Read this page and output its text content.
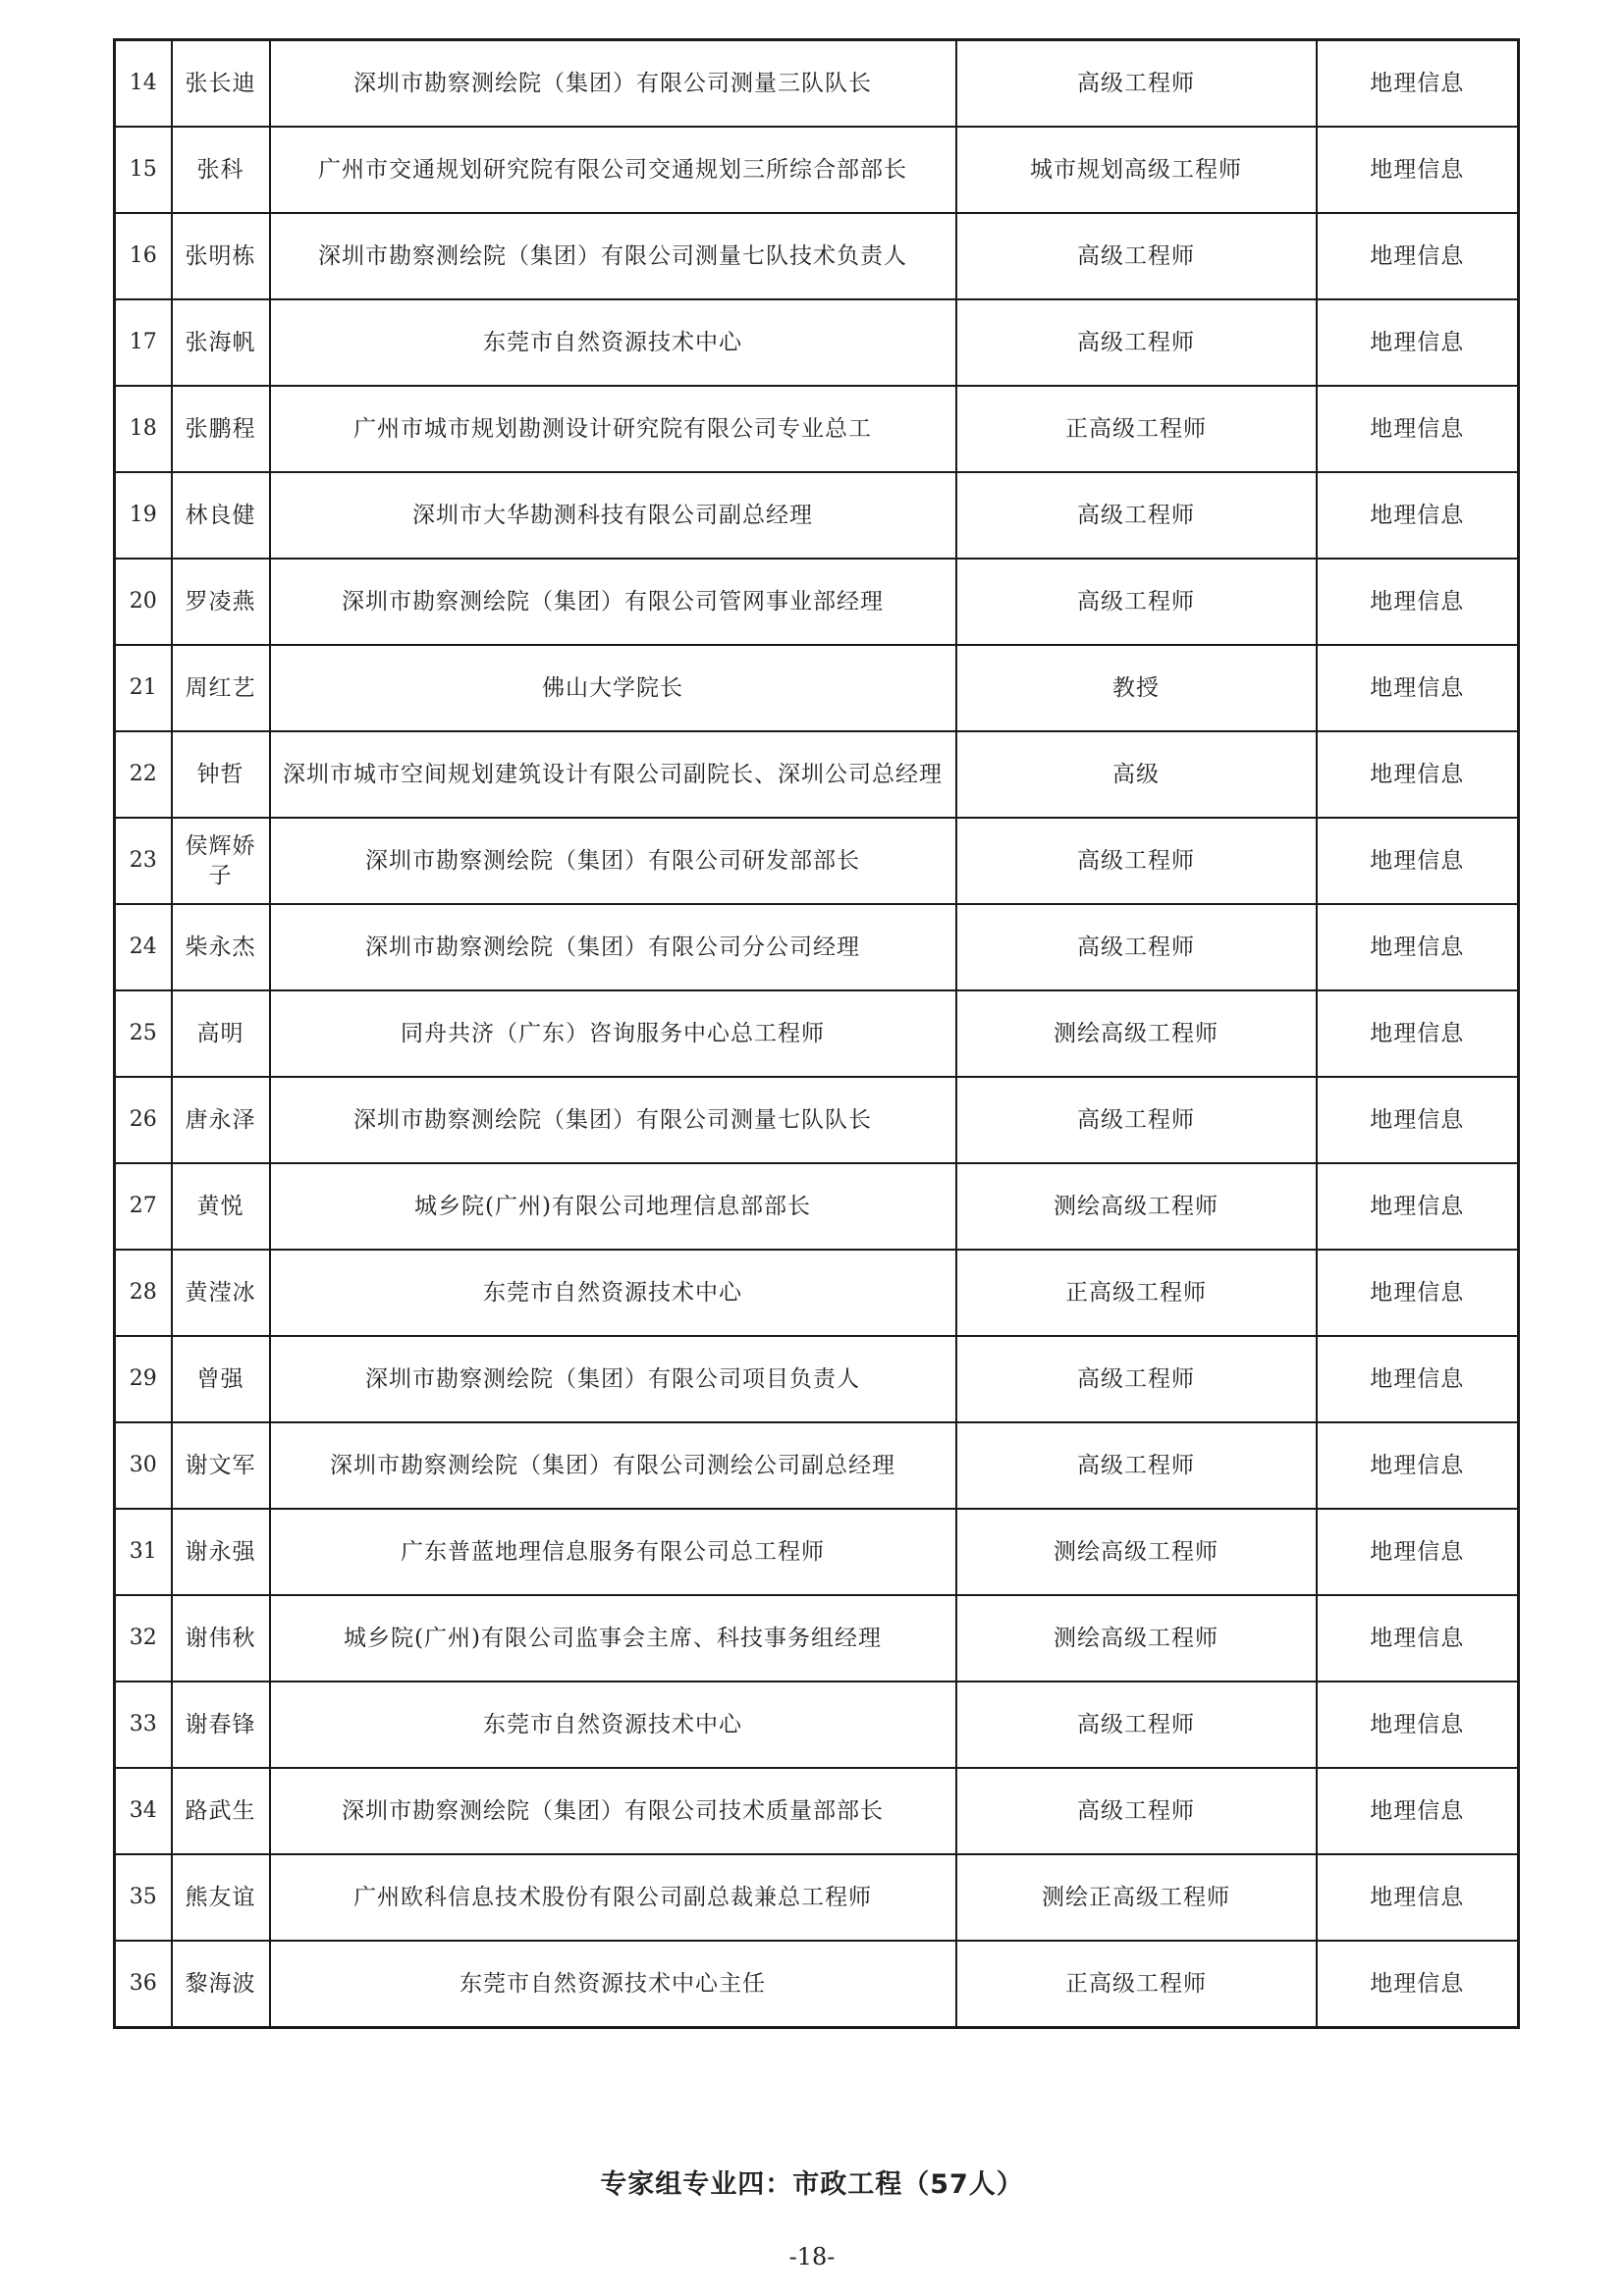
14	张长迪	深圳市勘察测绘院（集团）有限公司测量三队队长	高级工程师	地理信息
15	张科	广州市交通规划研究院有限公司交通规划三所综合部部长	城市规划高级工程师	地理信息
16	张明栋	深圳市勘察测绘院（集团）有限公司测量七队技术负责人	高级工程师	地理信息
17	张海帆	东莞市自然资源技术中心	高级工程师	地理信息
18	张鹏程	广州市城市规划勘测设计研究院有限公司专业总工	正高级工程师	地理信息
19	林良健	深圳市大华勘测科技有限公司副总经理	高级工程师	地理信息
20	罗凌燕	深圳市勘察测绘院（集团）有限公司管网事业部经理	高级工程师	地理信息
21	周红艺	佛山大学院长	教授	地理信息
22	钟哲	深圳市城市空间规划建筑设计有限公司副院长、深圳公司总经理	高级	地理信息
23	侯辉娇子	深圳市勘察测绘院（集团）有限公司研发部部长	高级工程师	地理信息
24	柴永杰	深圳市勘察测绘院（集团）有限公司分公司经理	高级工程师	地理信息
25	高明	同舟共济（广东）咨询服务中心总工程师	测绘高级工程师	地理信息
26	唐永泽	深圳市勘察测绘院（集团）有限公司测量七队队长	高级工程师	地理信息
27	黄悦	城乡院(广州)有限公司地理信息部部长	测绘高级工程师	地理信息
28	黄滢冰	东莞市自然资源技术中心	正高级工程师	地理信息
29	曾强	深圳市勘察测绘院（集团）有限公司项目负责人	高级工程师	地理信息
30	谢文军	深圳市勘察测绘院（集团）有限公司测绘公司副总经理	高级工程师	地理信息
31	谢永强	广东普蓝地理信息服务有限公司总工程师	测绘高级工程师	地理信息
32	谢伟秋	城乡院(广州)有限公司监事会主席、科技事务组经理	测绘高级工程师	地理信息
33	谢春锋	东莞市自然资源技术中心	高级工程师	地理信息
34	路武生	深圳市勘察测绘院（集团）有限公司技术质量部部长	高级工程师	地理信息
35	熊友谊	广州欧科信息技术股份有限公司副总裁兼总工程师	测绘正高级工程师	地理信息
36	黎海波	东莞市自然资源技术中心主任	正高级工程师	地理信息
专家组专业四：市政工程（57人）
-18-
